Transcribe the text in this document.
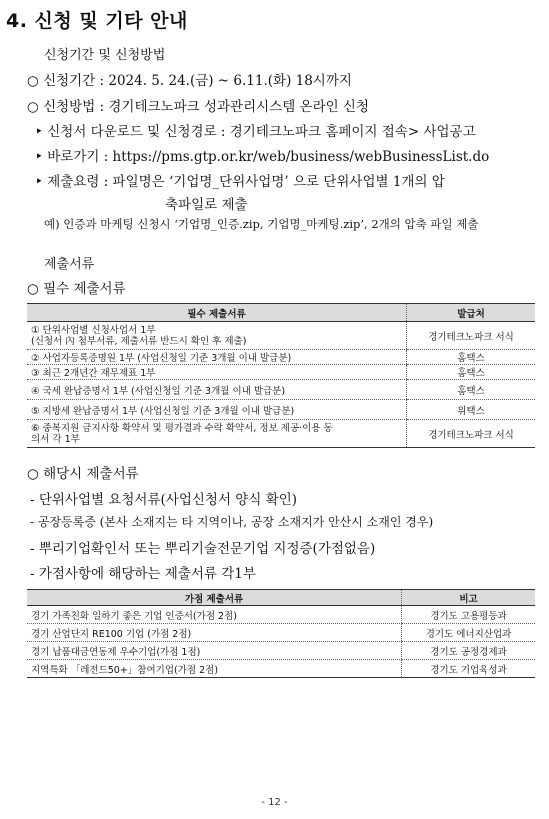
4. 신청 및 기타 안내
신청기간 및 신청방법
○ 신청기간 : 2024. 5. 24.(금) ~ 6.11.(화) 18시까지
○ 신청방법 : 경기테크노파크 성과관리시스템 온라인 신청
‣ 신청서 다운로드 및 신청경로 : 경기테크노파크 홈페이지 접속> 사업공고
‣ 바로가기 : https://pms.gtp.or.kr/web/business/webBusinessList.do
‣ 제출요령 : 파일명은 ‘기업명_단위사업명’ 으로 단위사업별 1개의 압
축파일로 제출
예) 인증과 마케팅 신청시 ‘기업명_인증.zip, 기업명_마케팅.zip’, 2개의 압축 파일 제출
제출서류
○ 필수 제출서류
필수 제출서류	발급처
① 단위사업별 신청사업서 1부
(신청서 內 첨부서류, 제출서류 반드시 확인 후 제출)	경기테크노파크 서식
② 사업자등록증명원 1부 (사업신청일 기준 3개월 이내 발급분)	홈택스
③ 최근 2개년간 재무제표 1부	홈택스
④ 국세 완납증명서 1부 (사업신청일 기준 3개월 이내 발급분)	홈택스
⑤ 지방세 완납증명서 1부 (사업신청일 기준 3개월 이내 발급분)	위택스
⑥ 중복지원 금지사항 확약서 및 평가결과 수락 확약서, 정보 제공·이용 동
의서 각 1부	경기테크노파크 서식
○ 해당시 제출서류
- 단위사업별 요청서류(사업신청서 양식 확인)
- 공장등록증 (본사 소재지는 타 지역이나, 공장 소재지가 안산시 소재인 경우)
- 뿌리기업확인서 또는 뿌리기술전문기업 지정증(가점없음)
- 가점사항에 해당하는 제출서류 각1부
가점 제출서류	비고
경기 가족친화 일하기 좋은 기업 인증서(가점 2점)	경기도 고용평등과
경기 산업단지 RE100 기업 (가점 2점)	경기도 에너지산업과
경기 납품대금연동제 우수기업(가점 1점)	경기도 공정경제과
지역특화 「레전드50+」참여기업(가점 2점)	경기도 기업육성과
- 12 -
